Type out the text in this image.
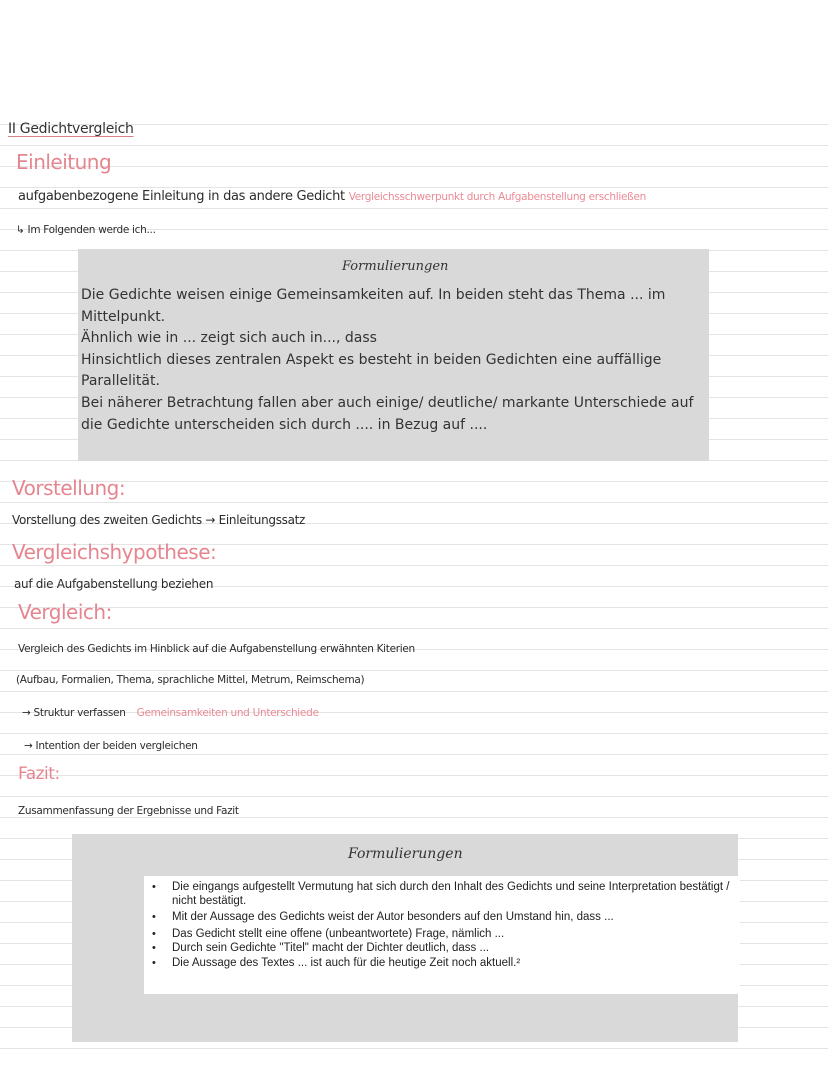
II Gedichtvergleich
Einleitung
aufgabenbezogene Einleitung in das andere Gedicht Vergleichsschwerpunkt durch Aufgabenstellung erschließen
↳ Im Folgenden werde ich...
Formulierungen

Die Gedichte weisen einige Gemeinsamkeiten auf. In beiden steht das Thema ... im Mittelpunkt.

Ähnlich wie in ... zeigt sich auch in..., dass

Hinsichtlich dieses zentralen Aspekt es besteht in beiden Gedichten eine auffällige Parallelität.

Bei näherer Betrachtung fallen aber auch einige/ deutliche/ markante Unterschiede auf die Gedichte unterscheiden sich durch .... in Bezug auf ....

Vorstellung:
Vorstellung des zweiten Gedichts → Einleitungssatz
Vergleichshypothese:
auf die Aufgabenstellung beziehen
Vergleich:
Vergleich des Gedichts im Hinblick auf die Aufgabenstellung erwähnten Kiterien
(Aufbau, Formalien, Thema, sprachliche Mittel, Metrum, Reimschema)
→ Struktur verfassen Gemeinsamkeiten und Unterschiede
→ Intention der beiden vergleichen
Fazit:
Zusammenfassung der Ergebnisse und Fazit
Formulierungen
• Die eingangs aufgestellt Vermutung hat sich durch den Inhalt des Gedichts und seine Interpretation bestätigt / nicht bestätigt.
• Mit der Aussage des Gedichts weist der Autor besonders auf den Umstand hin, dass ...
• Das Gedicht stellt eine offene (unbeantwortete) Frage, nämlich ...
• Durch sein Gedichte "Titel" macht der Dichter deutlich, dass ...
• Die Aussage des Textes ... ist auch für die heutige Zeit noch aktuell.²
